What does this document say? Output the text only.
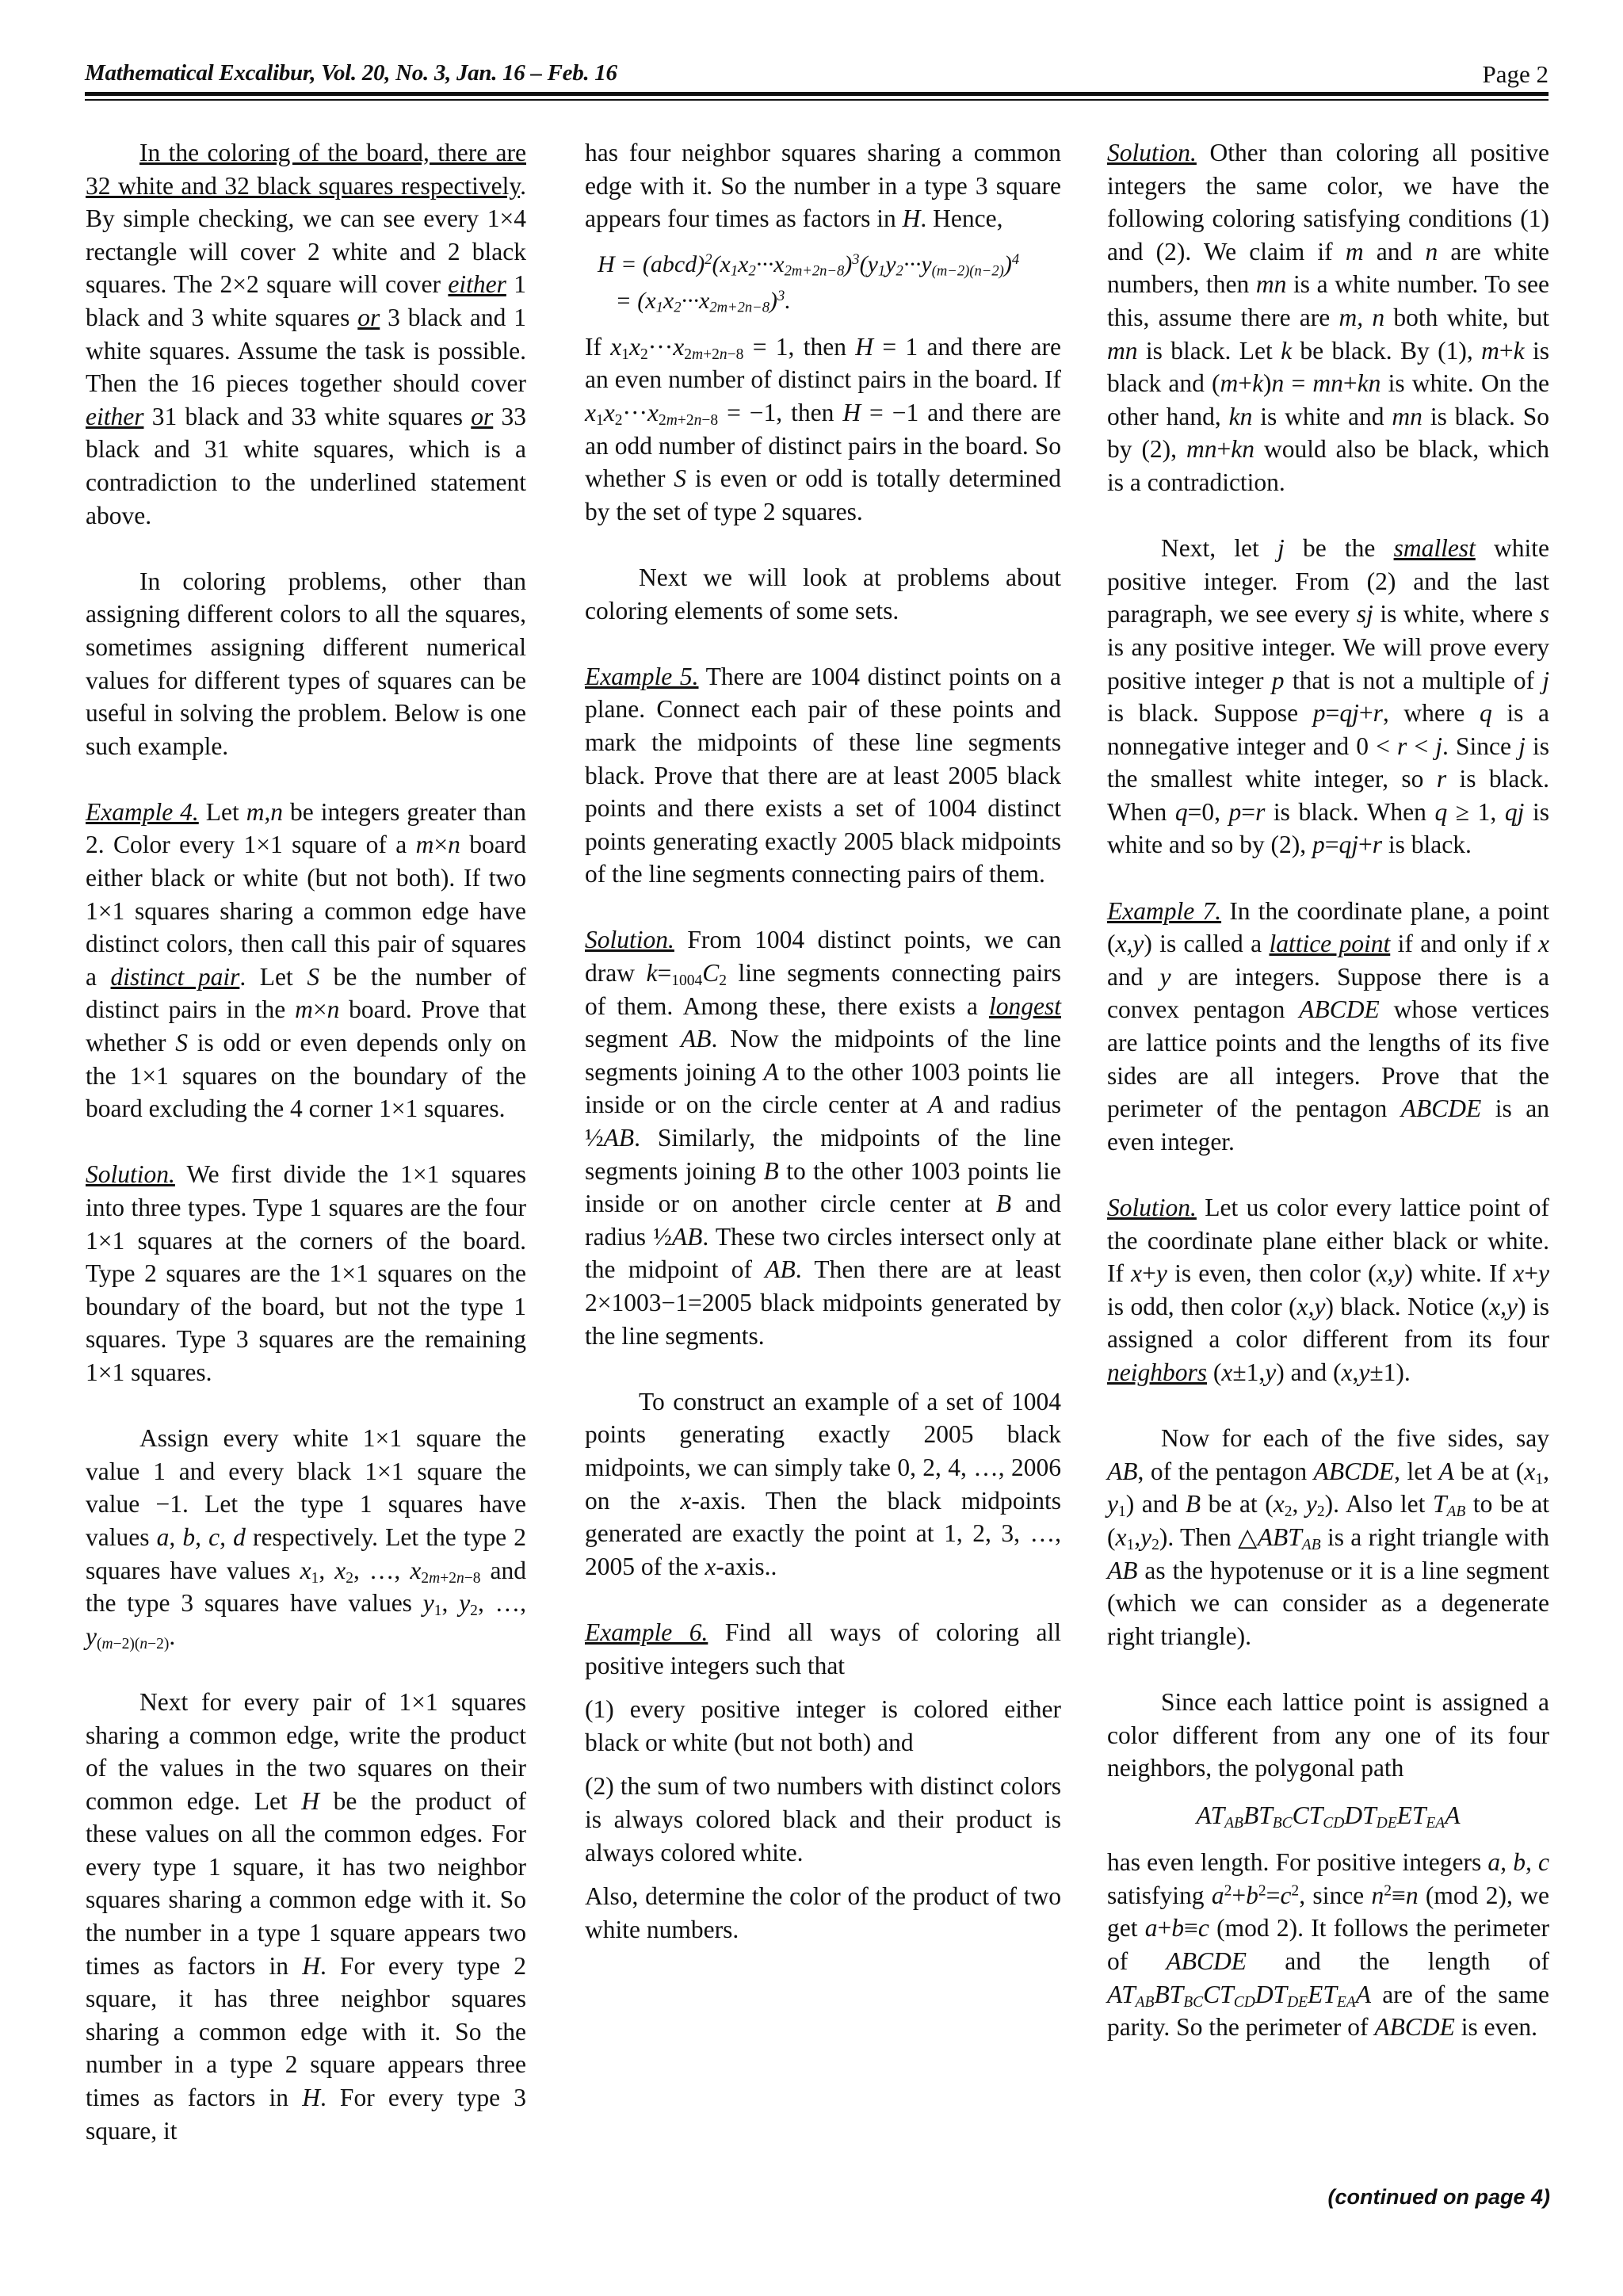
Mathematical Excalibur, Vol. 20, No. 3, Jan. 16 – Feb. 16	Page 2

In the coloring of the board, there are 32 white and 32 black squares respectively. By simple checking, we can see every 1×4 rectangle will cover 2 white and 2 black squares. The 2×2 square will cover either 1 black and 3 white squares or 3 black and 1 white squares. Assume the task is possible. Then the 16 pieces together should cover either 31 black and 33 white squares or 33 black and 31 white squares, which is a contradiction to the underlined statement above.

In coloring problems, other than assigning different colors to all the squares, sometimes assigning different numerical values for different types of squares can be useful in solving the problem. Below is one such example.

Example 4. Let m,n be integers greater than 2. Color every 1×1 square of a m×n board either black or white (but not both). If two 1×1 squares sharing a common edge have distinct colors, then call this pair of squares a distinct pair. Let S be the number of distinct pairs in the m×n board. Prove that whether S is odd or even depends only on the 1×1 squares on the boundary of the board excluding the 4 corner 1×1 squares.

Solution. We first divide the 1×1 squares into three types. Type 1 squares are the four 1×1 squares at the corners of the board. Type 2 squares are the 1×1 squares on the boundary of the board, but not the type 1 squares. Type 3 squares are the remaining 1×1 squares.

Assign every white 1×1 square the value 1 and every black 1×1 square the value −1. Let the type 1 squares have values a, b, c, d respectively. Let the type 2 squares have values $x_1$, $x_2$, …, $x_{2m+2n-8}$ and the type 3 squares have values $y_1$, $y_2$, …, $y_{(m-2)(n-2)}$.

Next for every pair of 1×1 squares sharing a common edge, write the product of the values in the two squares on their common edge. Let H be the product of these values on all the common edges. For every type 1 square, it has two neighbor squares sharing a common edge with it. So the number in a type 1 square appears two times as factors in H. For every type 2 square, it has three neighbor squares sharing a common edge with it. So the number in a type 2 square appears three times as factors in H. For every type 3 square, it

has four neighbor squares sharing a common edge with it. So the number in a type 3 square appears four times as factors in H. Hence,

$H = (abcd)^2(x_1x_2\cdot\cdot\cdot x_{2m+2n-8})^3(y_1y_2\cdot\cdot\cdot y_{(m-2)(n-2)})^4$
= $(x_1x_2\cdot\cdot\cdot x_{2m+2n-8})^3$.

If $x_1x_2\cdot\cdot\cdot x_{2m+2n-8} = 1$, then H = 1 and there are an even number of distinct pairs in the board. If $x_1x_2\cdot\cdot\cdot x_{2m+2n-8} = -1$, then H = −1 and there are an odd number of distinct pairs in the board. So whether S is even or odd is totally determined by the set of type 2 squares.

Next we will look at problems about coloring elements of some sets.

Example 5. There are 1004 distinct points on a plane. Connect each pair of these points and mark the midpoints of these line segments black. Prove that there are at least 2005 black points and there exists a set of 1004 distinct points generating exactly 2005 black midpoints of the line segments connecting pairs of them.

Solution. From 1004 distinct points, we can draw $k=_{1004}C_2$ line segments connecting pairs of them. Among these, there exists a longest segment AB. Now the midpoints of the line segments joining A to the other 1003 points lie inside or on the circle center at A and radius ½AB. Similarly, the midpoints of the line segments joining B to the other 1003 points lie inside or on another circle center at B and radius ½AB. These two circles intersect only at the midpoint of AB. Then there are at least 2×1003−1=2005 black midpoints generated by the line segments.

To construct an example of a set of 1004 points generating exactly 2005 black midpoints, we can simply take 0, 2, 4, …, 2006 on the x-axis. Then the black midpoints generated are exactly the point at 1, 2, 3, …, 2005 of the x-axis..

Example 6. Find all ways of coloring all positive integers such that

(1) every positive integer is colored either black or white (but not both) and

(2) the sum of two numbers with distinct colors is always colored black and their product is always colored white.

Also, determine the color of the product of two white numbers.

Solution. Other than coloring all positive integers the same color, we have the following coloring satisfying conditions (1) and (2). We claim if m and n are white numbers, then mn is a white number. To see this, assume there are m, n both white, but mn is black. Let k be black. By (1), m+k is black and (m+k)n = mn+kn is white. On the other hand, kn is white and mn is black. So by (2), mn+kn would also be black, which is a contradiction.

Next, let j be the smallest white positive integer. From (2) and the last paragraph, we see every sj is white, where s is any positive integer. We will prove every positive integer p that is not a multiple of j is black. Suppose p=qj+r, where q is a nonnegative integer and 0 < r < j. Since j is the smallest white integer, so r is black. When q=0, p=r is black. When q ≥ 1, qj is white and so by (2), p=qj+r is black.

Example 7. In the coordinate plane, a point (x,y) is called a lattice point if and only if x and y are integers. Suppose there is a convex pentagon ABCDE whose vertices are lattice points and the lengths of its five sides are all integers. Prove that the perimeter of the pentagon ABCDE is an even integer.

Solution. Let us color every lattice point of the coordinate plane either black or white. If x+y is even, then color (x,y) white. If x+y is odd, then color (x,y) black. Notice (x,y) is assigned a color different from its four neighbors (x±1,y) and (x,y±1).

Now for each of the five sides, say AB, of the pentagon ABCDE, let A be at ($x_1$, $y_1$) and B be at ($x_2$, $y_2$). Also let $T_{AB}$ to be at $(x_1,y_2)$. Then $\triangle ABT_{AB}$ is a right triangle with AB as the hypotenuse or it is a line segment (which we can consider as a degenerate right triangle).

Since each lattice point is assigned a color different from any one of its four neighbors, the polygonal path

$AT_{AB}BT_{BC}CT_{CD}DT_{DE}ET_{EA}A$

has even length. For positive integers a, b, c satisfying $a^2+b^2=c^2$, since $n^2\equiv n$ (mod 2), we get a+b≡c (mod 2). It follows the perimeter of ABCDE and the length of $AT_{AB}BT_{BC}CT_{CD}DT_{DE}ET_{EA}A$ are of the same parity. So the perimeter of ABCDE is even.

(continued on page 4)
